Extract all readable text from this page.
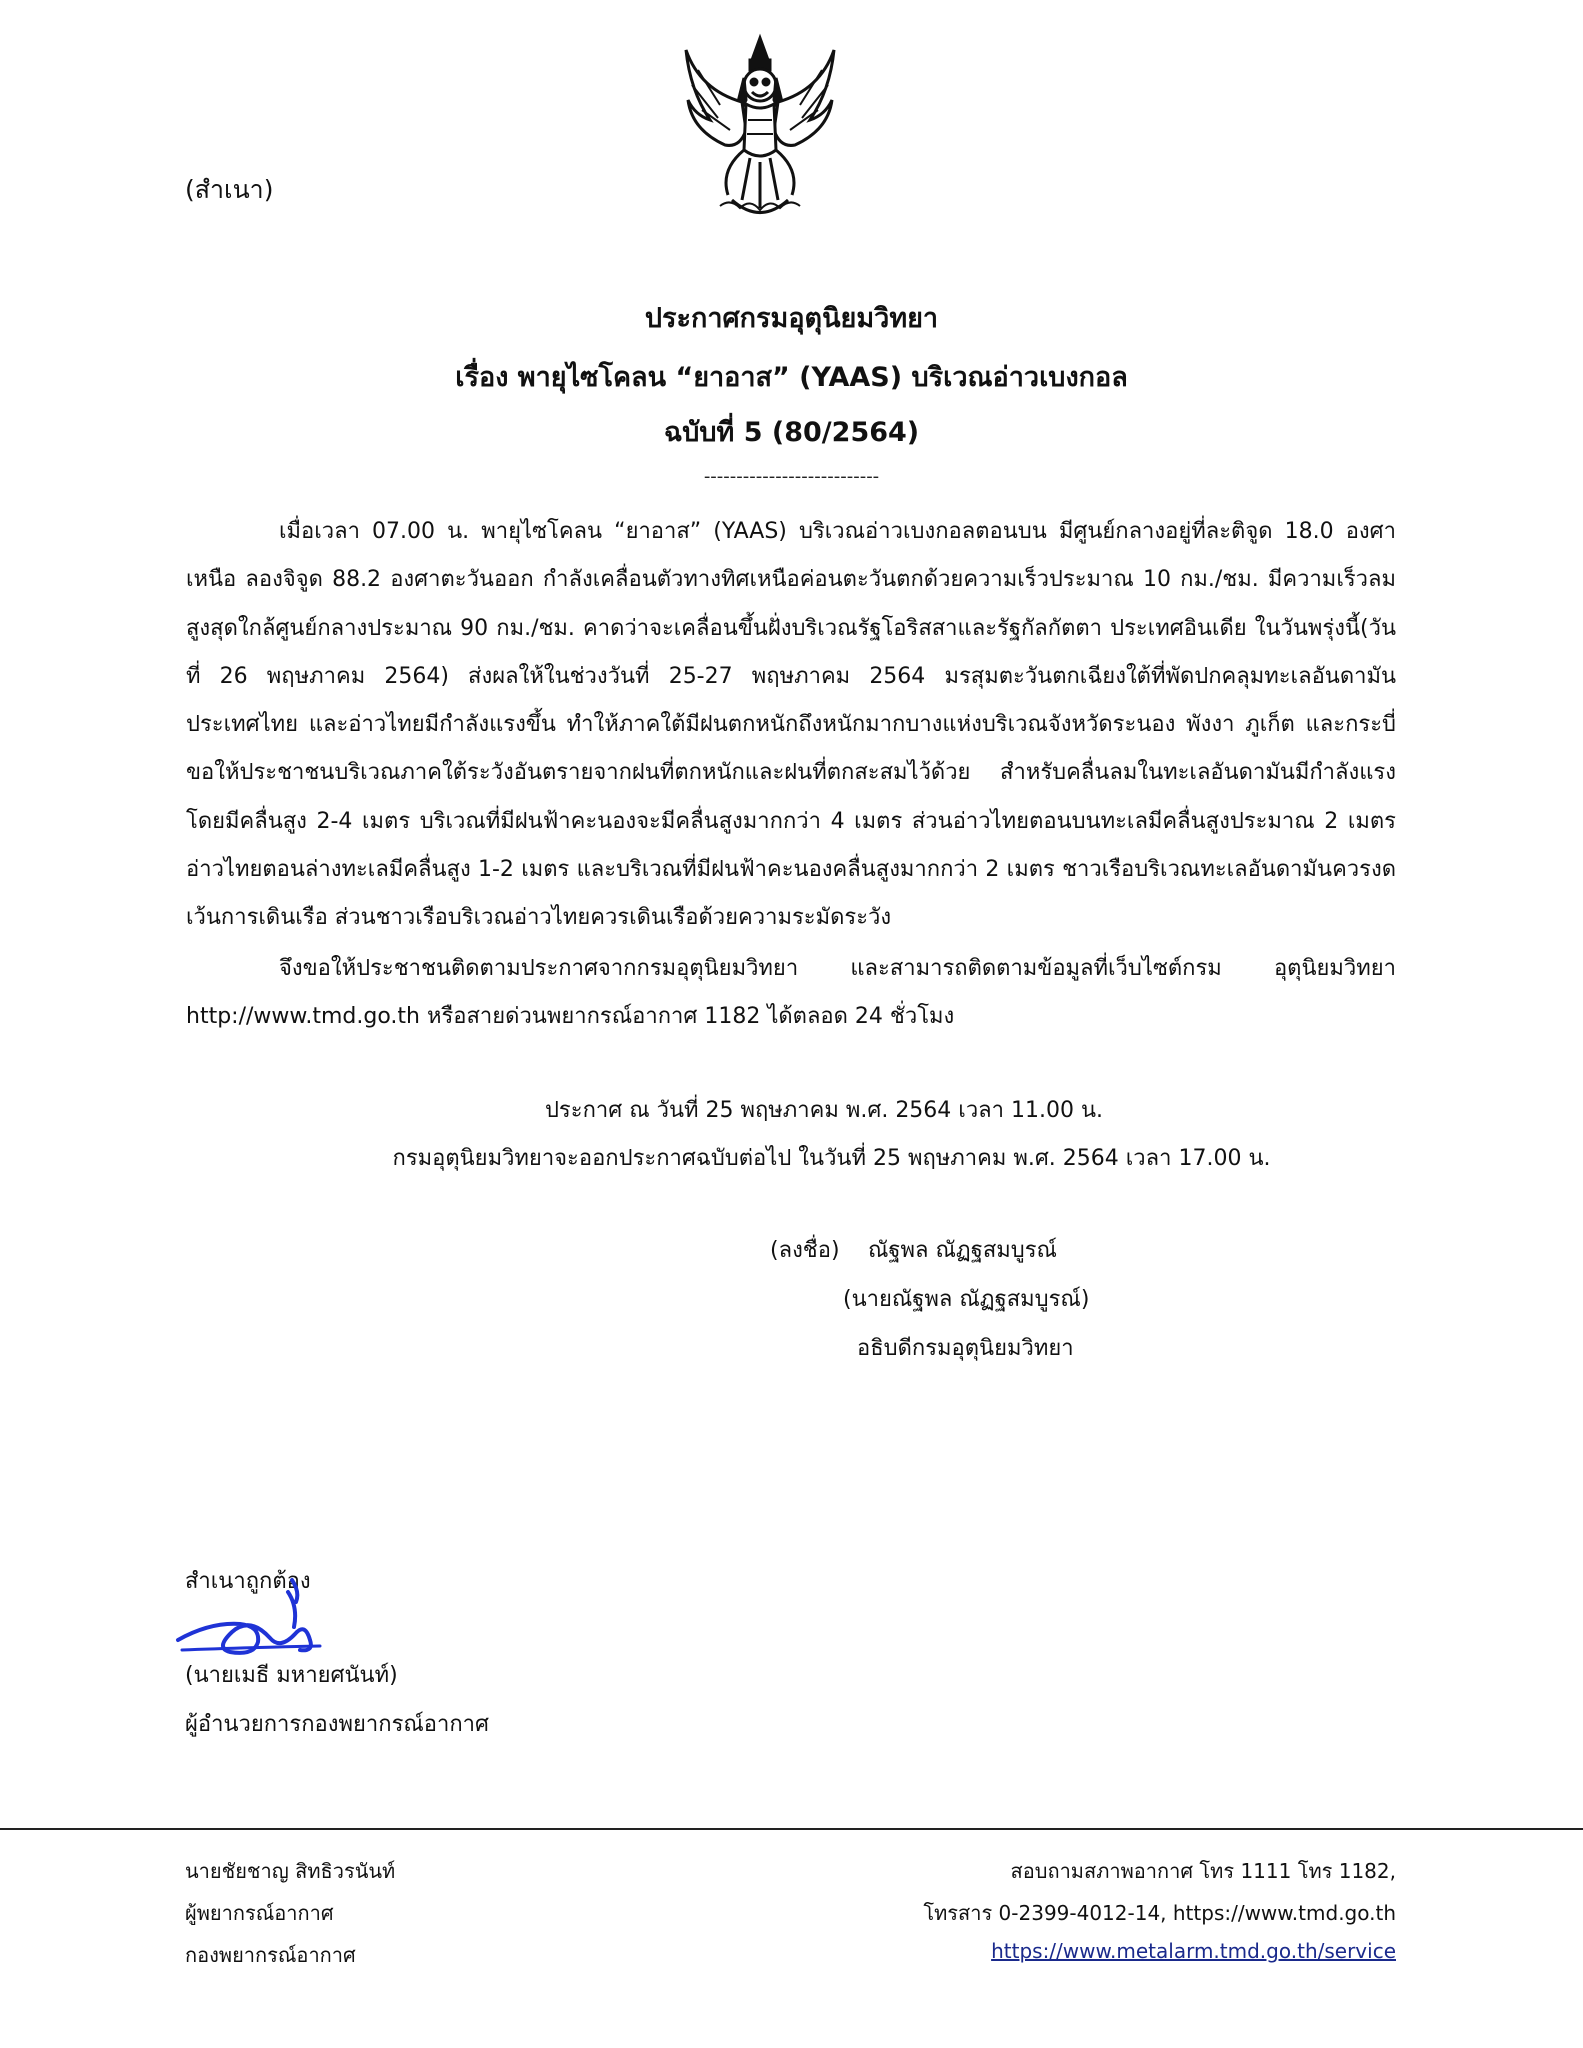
(สำเนา)
ประกาศกรมอุตุนิยมวิทยา
เรื่อง พายุไซโคลน “ยาอาส” (YAAS) บริเวณอ่าวเบงกอล
ฉบับที่ 5 (80/2564)
---------------------------
เมื่อเวลา 07.00 น. พายุไซโคลน “ยาอาส” (YAAS) บริเวณอ่าวเบงกอลตอนบน มีศูนย์กลางอยู่ที่ละติจูด 18.0 องศาเหนือ ลองจิจูด 88.2 องศาตะวันออก กำลังเคลื่อนตัวทางทิศเหนือค่อนตะวันตกด้วยความเร็วประมาณ 10 กม./ชม. มีความเร็วลมสูงสุดใกล้ศูนย์กลางประมาณ 90 กม./ชม. คาดว่าจะเคลื่อนขึ้นฝั่งบริเวณรัฐโอริสสาและรัฐกัลกัตตา ประเทศอินเดีย ในวันพรุ่งนี้(วันที่ 26 พฤษภาคม 2564) ส่งผลให้ในช่วงวันที่ 25-27 พฤษภาคม 2564 มรสุมตะวันตกเฉียงใต้ที่พัดปกคลุมทะเลอันดามัน ประเทศไทย และอ่าวไทยมีกำลังแรงขึ้น ทำให้ภาคใต้มีฝนตกหนักถึงหนักมากบางแห่งบริเวณจังหวัดระนอง พังงา ภูเก็ต และกระบี่ ขอให้ประชาชนบริเวณภาคใต้ระวังอันตรายจากฝนที่ตกหนักและฝนที่ตกสะสมไว้ด้วย สำหรับคลื่นลมในทะเลอันดามันมีกำลังแรง โดยมีคลื่นสูง 2-4 เมตร บริเวณที่มีฝนฟ้าคะนองจะมีคลื่นสูงมากกว่า 4 เมตร ส่วนอ่าวไทยตอนบนทะเลมีคลื่นสูงประมาณ 2 เมตร อ่าวไทยตอนล่างทะเลมีคลื่นสูง 1-2 เมตร และบริเวณที่มีฝนฟ้าคะนองคลื่นสูงมากกว่า 2 เมตร ชาวเรือบริเวณทะเลอันดามันควรงดเว้นการเดินเรือ ส่วนชาวเรือบริเวณอ่าวไทยควรเดินเรือด้วยความระมัดระวัง
จึงขอให้ประชาชนติดตามประกาศจากกรมอุตุนิยมวิทยา และสามารถติดตามข้อมูลที่เว็บไซต์กรม อุตุนิยมวิทยา http://www.tmd.go.th หรือสายด่วนพยากรณ์อากาศ 1182 ได้ตลอด 24 ชั่วโมง
ประกาศ ณ วันที่ 25 พฤษภาคม พ.ศ. 2564 เวลา 11.00 น.
กรมอุตุนิยมวิทยาจะออกประกาศฉบับต่อไป ในวันที่ 25 พฤษภาคม พ.ศ. 2564 เวลา 17.00 น.
(ลงชื่อ) ณัฐพล ณัฏฐสมบูรณ์
(นายณัฐพล ณัฏฐสมบูรณ์)
อธิบดีกรมอุตุนิยมวิทยา
สำเนาถูกต้อง
(นายเมธี มหายศนันท์)
ผู้อำนวยการกองพยากรณ์อากาศ
นายชัยชาญ สิทธิวรนันท์
ผู้พยากรณ์อากาศ
กองพยากรณ์อากาศ
สอบถามสภาพอากาศ โทร 1111 โทร 1182,
โทรสาร 0-2399-4012-14, https://www.tmd.go.th
https://www.metalarm.tmd.go.th/service
